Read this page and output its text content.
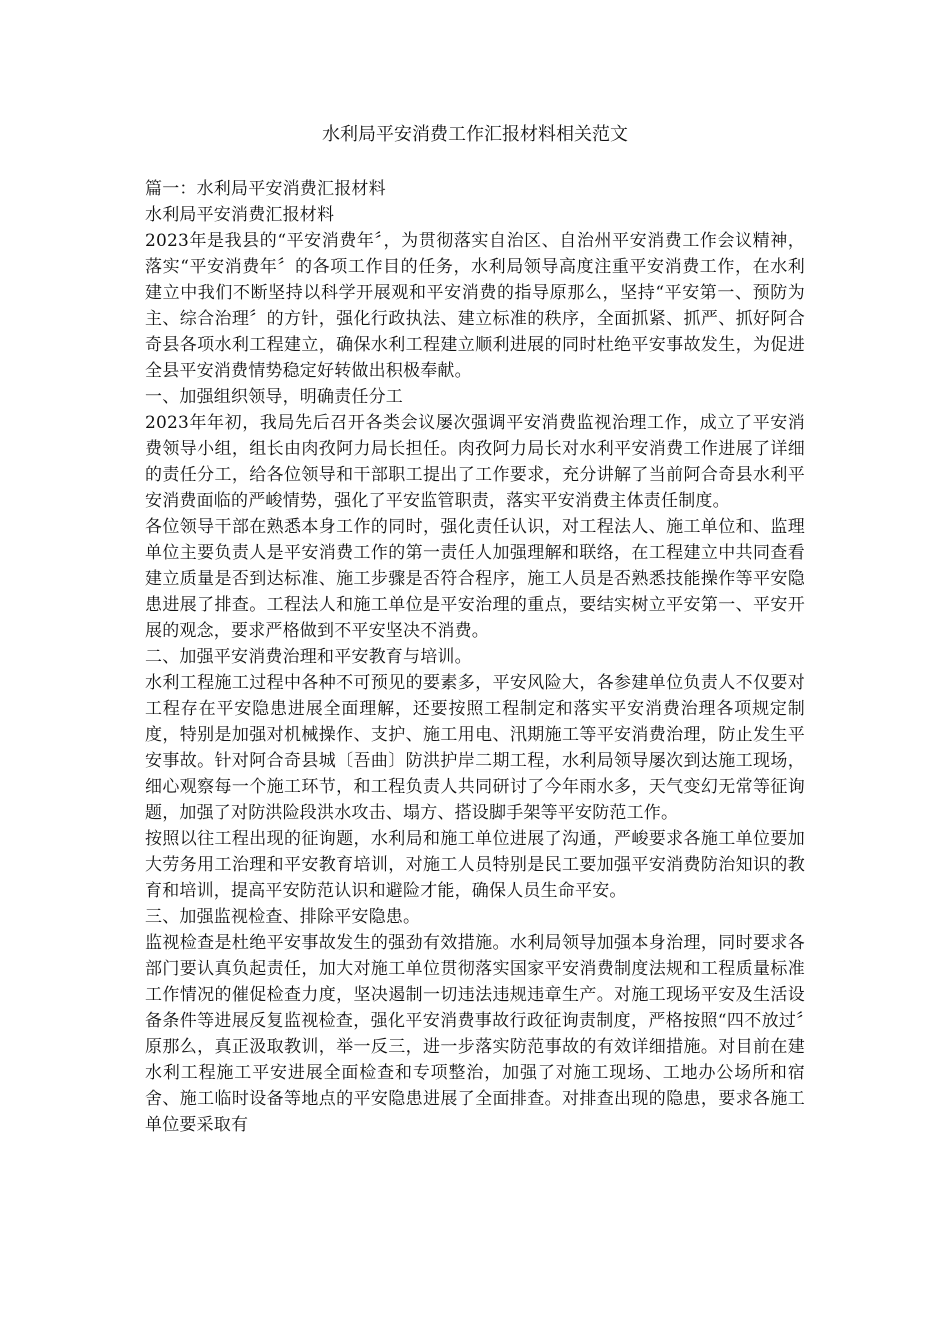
水利局平安消费工作汇报材料相关范文

篇一：水利局平安消费汇报材料

水利局平安消费汇报材料

2023年是我县的“平安消费年〞，为贯彻落实自治区、自治州平安消费工作会议精神，落实“平安消费年〞的各项工作目的任务，水利局领导高度注重平安消费工作，在水利建立中我们不断坚持以科学开展观和平安消费的指导原那么，坚持“平安第一、预防为主、综合治理〞的方针，强化行政执法、建立标准的秩序，全面抓紧、抓严、抓好阿合奇县各项水利工程建立，确保水利工程建立顺利进展的同时杜绝平安事故发生，为促进全县平安消费情势稳定好转做出积极奉献。

一、加强组织领导，明确责任分工

2023年年初，我局先后召开各类会议屡次强调平安消费监视治理工作，成立了平安消费领导小组，组长由肉孜阿力局长担任。肉孜阿力局长对水利平安消费工作进展了详细的责任分工，给各位领导和干部职工提出了工作要求，充分讲解了当前阿合奇县水利平安消费面临的严峻情势，强化了平安监管职责，落实平安消费主体责任制度。

各位领导干部在熟悉本身工作的同时，强化责任认识，对工程法人、施工单位和、监理单位主要负责人是平安消费工作的第一责任人加强理解和联络，在工程建立中共同查看建立质量是否到达标准、施工步骤是否符合程序，施工人员是否熟悉技能操作等平安隐患进展了排查。工程法人和施工单位是平安治理的重点，要结实树立平安第一、平安开展的观念，要求严格做到不平安坚决不消费。

二、加强平安消费治理和平安教育与培训。

水利工程施工过程中各种不可预见的要素多，平安风险大，各参建单位负责人不仅要对工程存在平安隐患进展全面理解，还要按照工程制定和落实平安消费治理各项规定制度，特别是加强对机械操作、支护、施工用电、汛期施工等平安消费治理，防止发生平安事故。针对阿合奇县城〔吾曲〕防洪护岸二期工程，水利局领导屡次到达施工现场，细心观察每一个施工环节，和工程负责人共同研讨了今年雨水多，天气变幻无常等征询题，加强了对防洪险段洪水攻击、塌方、搭设脚手架等平安防范工作。

按照以往工程出现的征询题，水利局和施工单位进展了沟通，严峻要求各施工单位要加大劳务用工治理和平安教育培训，对施工人员特别是民工要加强平安消费防治知识的教育和培训，提高平安防范认识和避险才能，确保人员生命平安。

三、加强监视检查、排除平安隐患。

监视检查是杜绝平安事故发生的强劲有效措施。水利局领导加强本身治理，同时要求各部门要认真负起责任，加大对施工单位贯彻落实国家平安消费制度法规和工程质量标准工作情况的催促检查力度，坚决遏制一切违法违规违章生产。对施工现场平安及生活设备条件等进展反复监视检查，强化平安消费事故行政征询责制度，严格按照“四不放过〞原那么，真正汲取教训，举一反三，进一步落实防范事故的有效详细措施。对目前在建水利工程施工平安进展全面检查和专项整治，加强了对施工现场、工地办公场所和宿舍、施工临时设备等地点的平安隐患进展了全面排查。对排查出现的隐患，要求各施工单位要采取有
